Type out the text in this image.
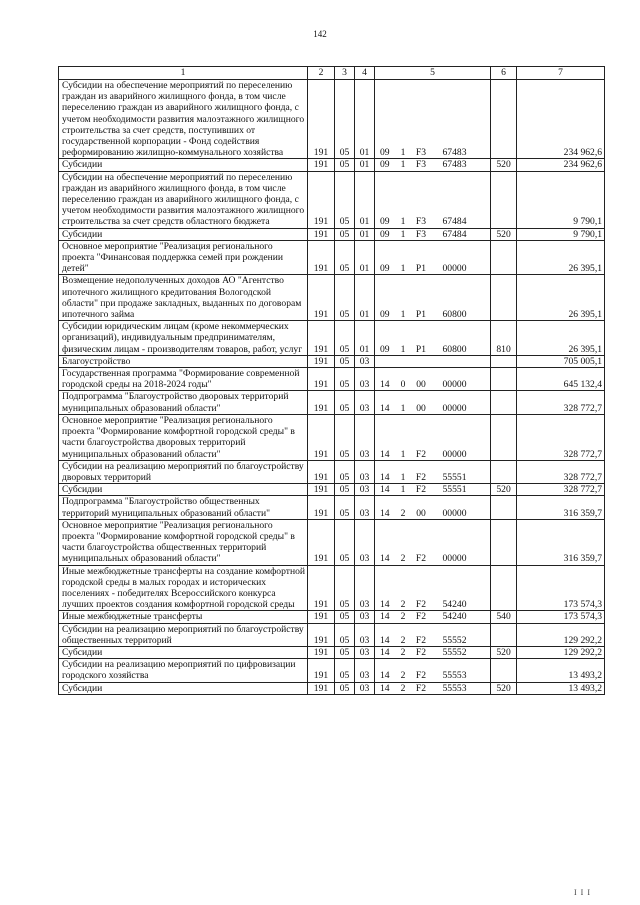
142
1	2	3	4	5				6	7
Субсидии на обеспечение мероприятий по переселению граждан из аварийного жилищного фонда, в том числе переселению граждан из аварийного жилищного фонда, с учетом необходимости развития малоэтажного жилищного строительства за счет средств, поступивших от государственной корпорации - Фонд содействия реформированию жилищно-коммунального хозяйства	191	05	01	09	1	F3	67483		234 962,6
Субсидии	191	05	01	09	1	F3	67483	520	234 962,6
Субсидии на обеспечение мероприятий по переселению граждан из аварийного жилищного фонда, в том числе переселению граждан из аварийного жилищного фонда, с учетом необходимости развития малоэтажного жилищного строительства за счет средств областного бюджета	191	05	01	09	1	F3	67484		9 790,1
Субсидии	191	05	01	09	1	F3	67484	520	9 790,1
Основное мероприятие "Реализация регионального проекта "Финансовая поддержка семей при рождении детей"	191	05	01	09	1	P1	00000		26 395,1
Возмещение недополученных доходов АО "Агентство ипотечного жилищного кредитования Вологодской области" при продаже закладных, выданных по договорам ипотечного займа	191	05	01	09	1	P1	60800		26 395,1
Субсидии юридическим лицам (кроме некоммерческих организаций), индивидуальным предпринимателям, физическим лицам - производителям товаров, работ, услуг	191	05	01	09	1	P1	60800	810	26 395,1
Благоустройство	191	05	03						705 005,1
Государственная программа "Формирование современной городской среды на 2018-2024 годы"	191	05	03	14	0	00	00000		645 132,4
Подпрограмма "Благоустройство дворовых территорий муниципальных образований области"	191	05	03	14	1	00	00000		328 772,7
Основное мероприятие "Реализация регионального проекта "Формирование комфортной городской среды" в части благоустройства дворовых территорий муниципальных образований области"	191	05	03	14	1	F2	00000		328 772,7
Субсидии на реализацию мероприятий по благоустройству дворовых территорий	191	05	03	14	1	F2	55551		328 772,7
Субсидии	191	05	03	14	1	F2	55551	520	328 772,7
Подпрограмма "Благоустройство общественных территорий муниципальных образований области"	191	05	03	14	2	00	00000		316 359,7
Основное мероприятие "Реализация регионального проекта "Формирование комфортной городской среды" в части благоустройства общественных территорий муниципальных образований области"	191	05	03	14	2	F2	00000		316 359,7
Иные межбюджетные трансферты на создание комфортной городской среды в малых городах и исторических поселениях - победителях Всероссийского конкурса лучших проектов создания комфортной городской среды	191	05	03	14	2	F2	54240		173 574,3
Иные межбюджетные трансферты	191	05	03	14	2	F2	54240	540	173 574,3
Субсидии на реализацию мероприятий по благоустройству общественных территорий	191	05	03	14	2	F2	55552		129 292,2
Субсидии	191	05	03	14	2	F2	55552	520	129 292,2
Субсидии на реализацию мероприятий по цифровизации городского хозяйства	191	05	03	14	2	F2	55553		13 493,2
Субсидии	191	05	03	14	2	F2	55553	520	13 493,2
I I I
